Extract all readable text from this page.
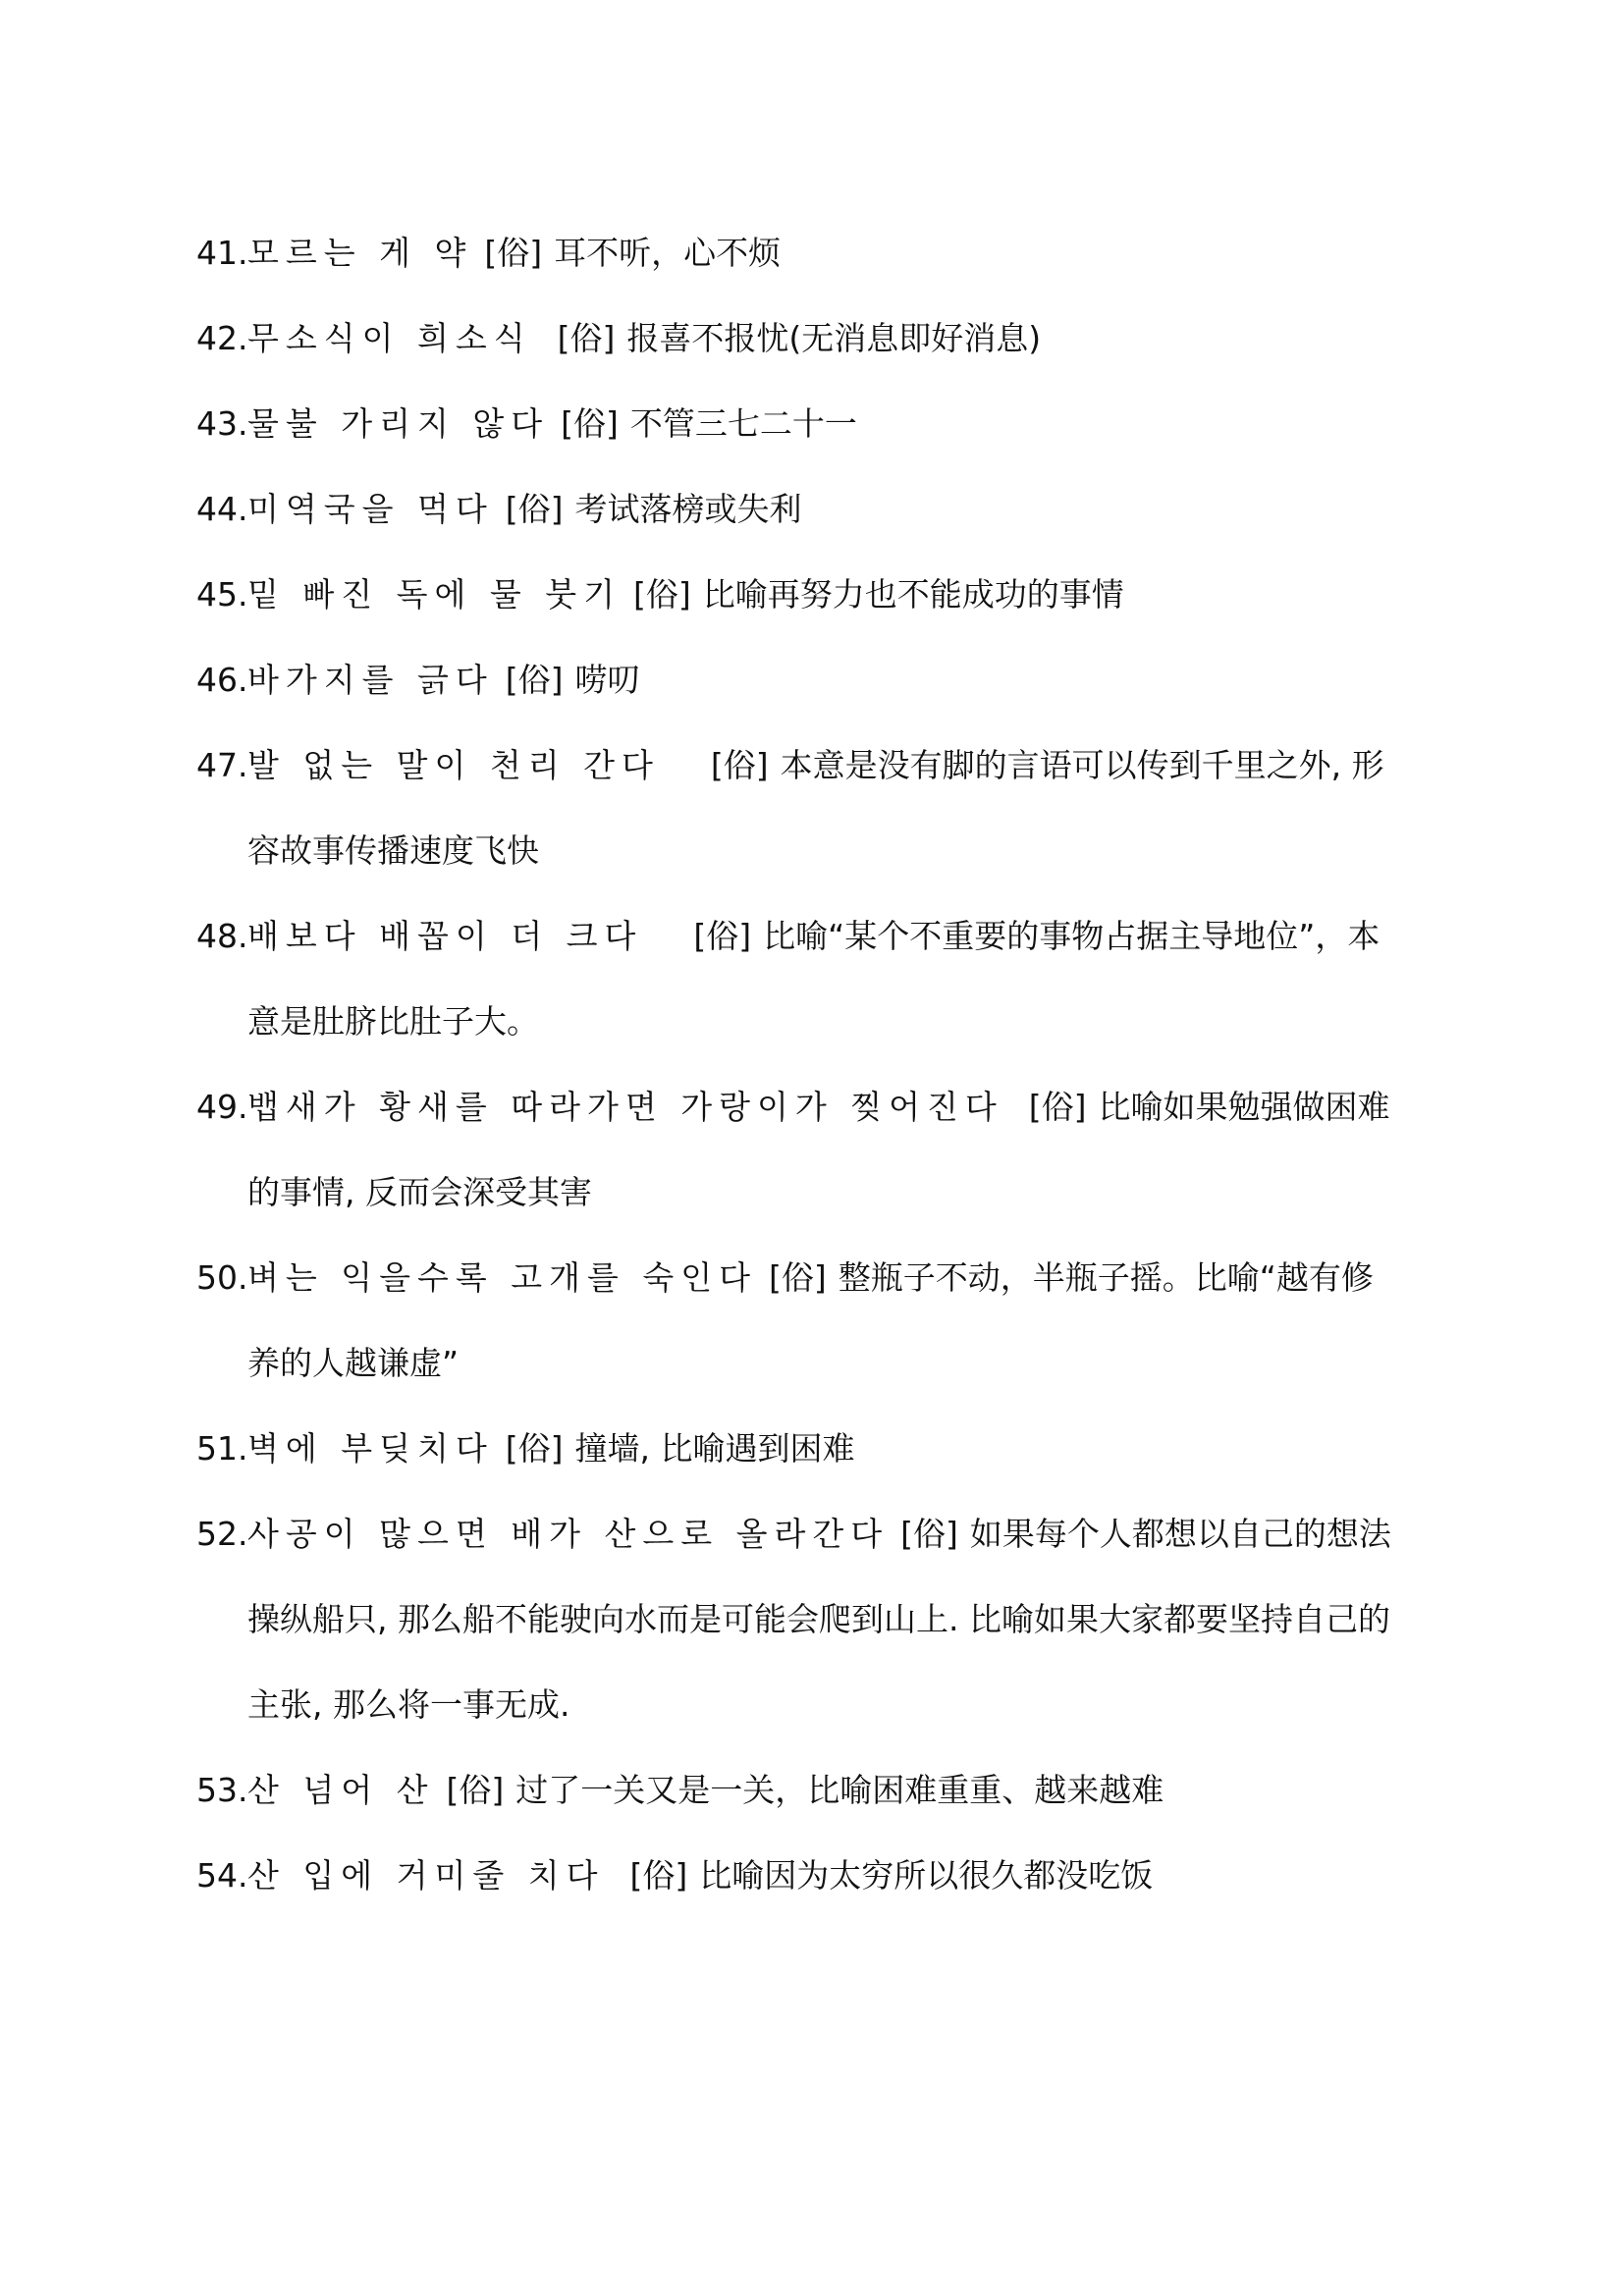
41. 모르는 게 약 [俗] 耳不听，心不烦
42. 무소식이 희소식 [俗] 报喜不报忧(无消息即好消息)
43. 물불 가리지 않다 [俗] 不管三七二十一
44. 미역국을 먹다 [俗] 考试落榜或失利
45. 밑 빠진 독에 물 붓기 [俗] 比喻再努力也不能成功的事情
46. 바가지를 긁다 [俗] 唠叨
47. 발 없는 말이 천리 간다 [俗] 本意是没有脚的言语可以传到千里之外, 形容故事传播速度飞快
48. 배보다 배꼽이 더 크다 [俗] 比喻“某个不重要的事物占据主导地位”，本意是肚脐比肚子大。
49. 뱁새가 황새를 따라가면 가랑이가 찢어진다 [俗] 比喻如果勉强做困难的事情, 反而会深受其害
50. 벼는 익을수록 고개를 숙인다 [俗] 整瓶子不动，半瓶子摇。比喻“越有修养的人越谦虚”
51. 벽에 부딪치다 [俗] 撞墙, 比喻遇到困难
52. 사공이 많으면 배가 산으로 올라간다 [俗] 如果每个人都想以自己的想法操纵船只, 那么船不能驶向水而是可能会爬到山上. 比喻如果大家都要坚持自己的主张, 那么将一事无成.
53. 산 넘어 산 [俗] 过了一关又是一关，比喻困难重重、越来越难
54. 산 입에 거미줄 치다 [俗] 比喻因为太穷所以很久都没吃饭
